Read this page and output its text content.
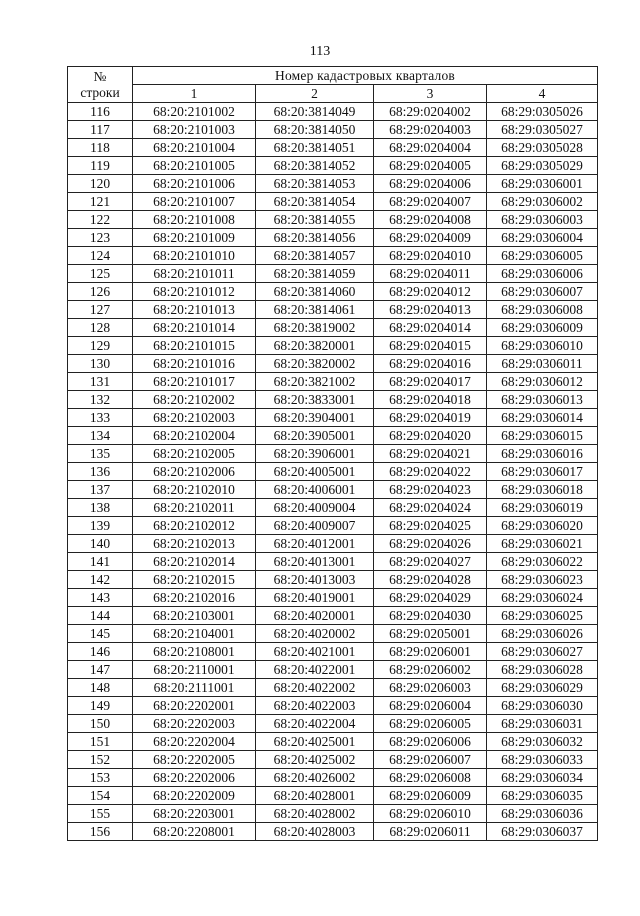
113
№	Номер кадастровых кварталов			
строки	1	2	3	4
116	68:20:2101002	68:20:3814049	68:29:0204002	68:29:0305026
117	68:20:2101003	68:20:3814050	68:29:0204003	68:29:0305027
118	68:20:2101004	68:20:3814051	68:29:0204004	68:29:0305028
119	68:20:2101005	68:20:3814052	68:29:0204005	68:29:0305029
120	68:20:2101006	68:20:3814053	68:29:0204006	68:29:0306001
121	68:20:2101007	68:20:3814054	68:29:0204007	68:29:0306002
122	68:20:2101008	68:20:3814055	68:29:0204008	68:29:0306003
123	68:20:2101009	68:20:3814056	68:29:0204009	68:29:0306004
124	68:20:2101010	68:20:3814057	68:29:0204010	68:29:0306005
125	68:20:2101011	68:20:3814059	68:29:0204011	68:29:0306006
126	68:20:2101012	68:20:3814060	68:29:0204012	68:29:0306007
127	68:20:2101013	68:20:3814061	68:29:0204013	68:29:0306008
128	68:20:2101014	68:20:3819002	68:29:0204014	68:29:0306009
129	68:20:2101015	68:20:3820001	68:29:0204015	68:29:0306010
130	68:20:2101016	68:20:3820002	68:29:0204016	68:29:0306011
131	68:20:2101017	68:20:3821002	68:29:0204017	68:29:0306012
132	68:20:2102002	68:20:3833001	68:29:0204018	68:29:0306013
133	68:20:2102003	68:20:3904001	68:29:0204019	68:29:0306014
134	68:20:2102004	68:20:3905001	68:29:0204020	68:29:0306015
135	68:20:2102005	68:20:3906001	68:29:0204021	68:29:0306016
136	68:20:2102006	68:20:4005001	68:29:0204022	68:29:0306017
137	68:20:2102010	68:20:4006001	68:29:0204023	68:29:0306018
138	68:20:2102011	68:20:4009004	68:29:0204024	68:29:0306019
139	68:20:2102012	68:20:4009007	68:29:0204025	68:29:0306020
140	68:20:2102013	68:20:4012001	68:29:0204026	68:29:0306021
141	68:20:2102014	68:20:4013001	68:29:0204027	68:29:0306022
142	68:20:2102015	68:20:4013003	68:29:0204028	68:29:0306023
143	68:20:2102016	68:20:4019001	68:29:0204029	68:29:0306024
144	68:20:2103001	68:20:4020001	68:29:0204030	68:29:0306025
145	68:20:2104001	68:20:4020002	68:29:0205001	68:29:0306026
146	68:20:2108001	68:20:4021001	68:29:0206001	68:29:0306027
147	68:20:2110001	68:20:4022001	68:29:0206002	68:29:0306028
148	68:20:2111001	68:20:4022002	68:29:0206003	68:29:0306029
149	68:20:2202001	68:20:4022003	68:29:0206004	68:29:0306030
150	68:20:2202003	68:20:4022004	68:29:0206005	68:29:0306031
151	68:20:2202004	68:20:4025001	68:29:0206006	68:29:0306032
152	68:20:2202005	68:20:4025002	68:29:0206007	68:29:0306033
153	68:20:2202006	68:20:4026002	68:29:0206008	68:29:0306034
154	68:20:2202009	68:20:4028001	68:29:0206009	68:29:0306035
155	68:20:2203001	68:20:4028002	68:29:0206010	68:29:0306036
156	68:20:2208001	68:20:4028003	68:29:0206011	68:29:0306037
